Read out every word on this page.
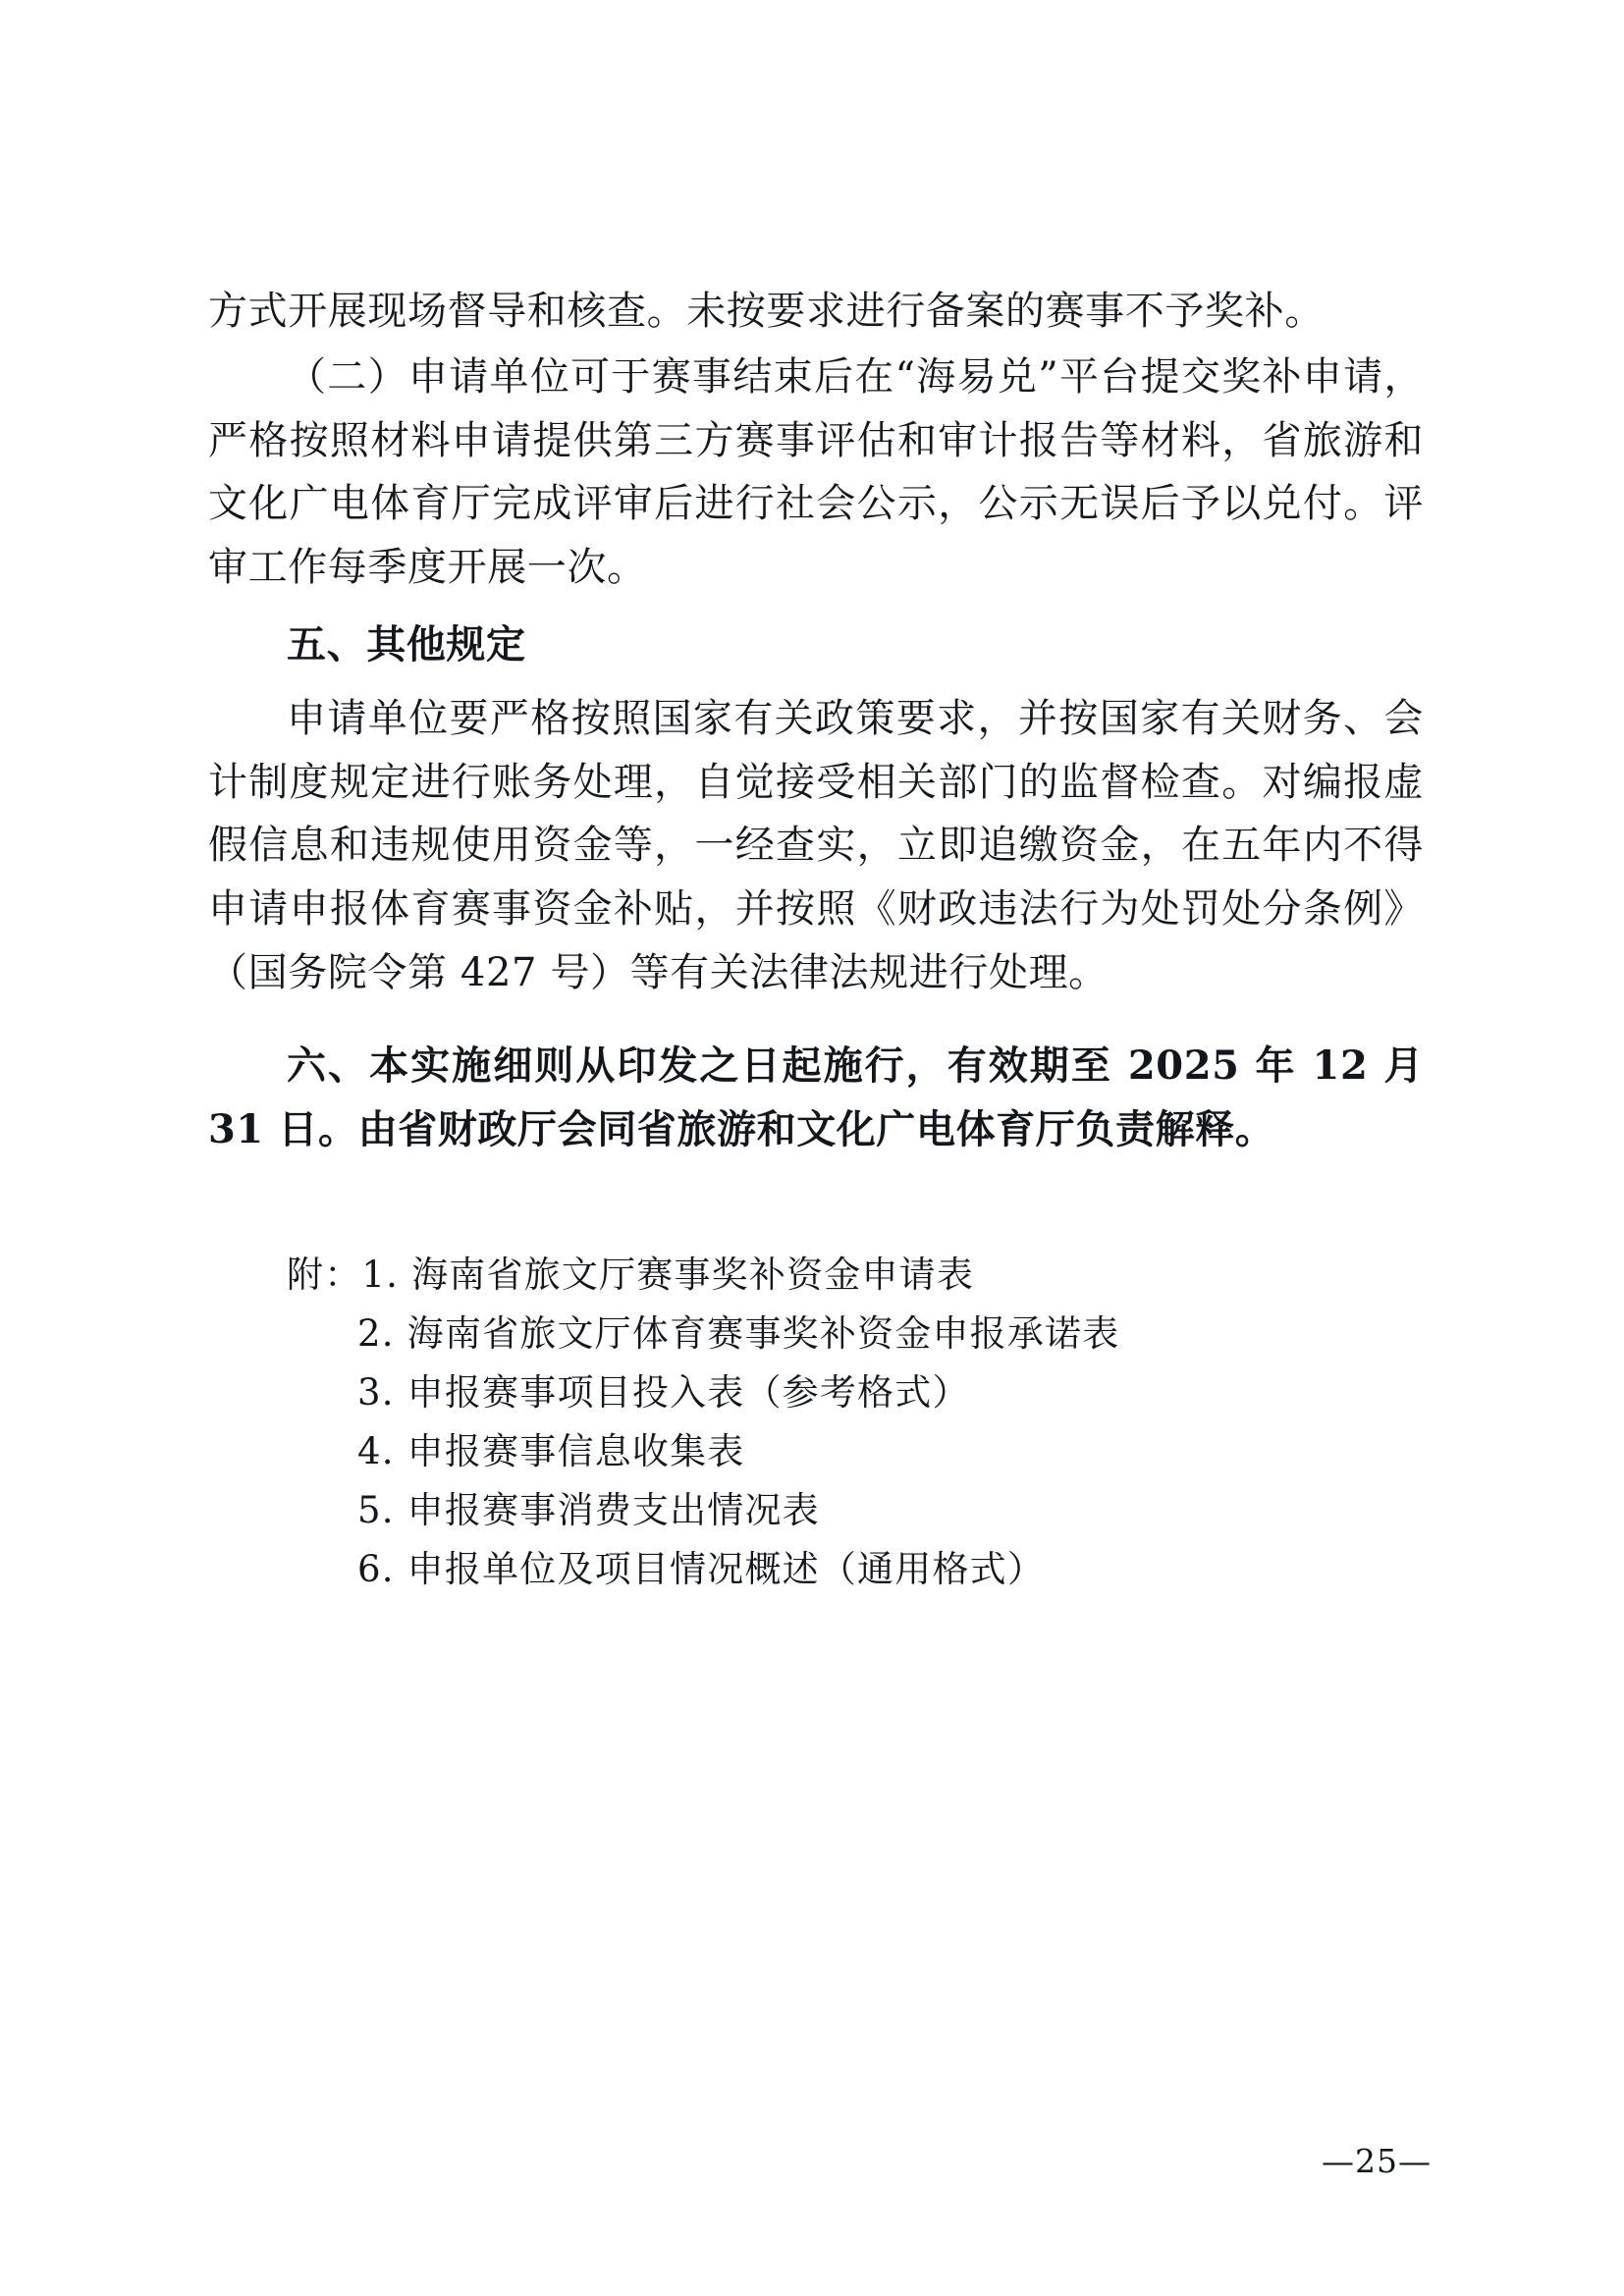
方式开展现场督导和核查。未按要求进行备案的赛事不予奖补。

（二）申请单位可于赛事结束后在“海易兑”平台提交奖补申请，严格按照材料申请提供第三方赛事评估和审计报告等材料，省旅游和文化广电体育厅完成评审后进行社会公示，公示无误后予以兑付。评审工作每季度开展一次。

五、其他规定

申请单位要严格按照国家有关政策要求，并按国家有关财务、会计制度规定进行账务处理，自觉接受相关部门的监督检查。对编报虚假信息和违规使用资金等，一经查实，立即追缴资金，在五年内不得申请申报体育赛事资金补贴，并按照《财政违法行为处罚处分条例》（国务院令第 427 号）等有关法律法规进行处理。

六、本实施细则从印发之日起施行，有效期至 2025 年 12 月 31 日。由省财政厅会同省旅游和文化广电体育厅负责解释。

附：1. 海南省旅文厅赛事奖补资金申请表

2. 海南省旅文厅体育赛事奖补资金申报承诺表

3. 申报赛事项目投入表（参考格式）

4. 申报赛事信息收集表

5. 申报赛事消费支出情况表

6. 申报单位及项目情况概述（通用格式）

—25—
